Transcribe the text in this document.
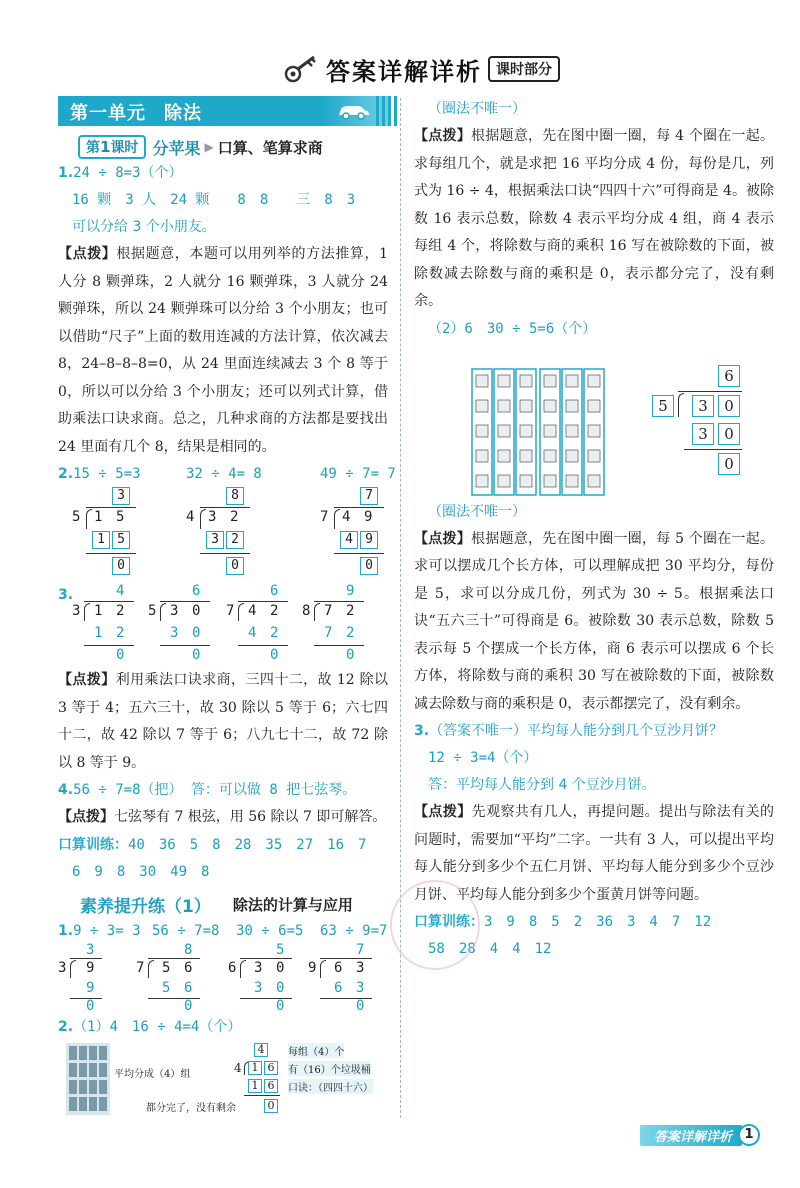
答案详解详析	课时部分
第一单元 除法
第1课时 分苹果 ▶ 口算、笔算求商
1.24 ÷ 8=3（个）
16 颗　3 人　24 颗　　8　8　　三　8　3
可以分给 3 个小朋友。
【点拨】根据题意，本题可以用列举的方法推算，1 人分 8 颗弹珠，2 人就分 16 颗弹珠，3 人就分 24 颗弹珠，所以 24 颗弹珠可以分给 3 个小朋友；也可以借助“尺子”上面的数用连减的方法计算，依次减去 8，24–8–8–8=0，从 24 里面连续减去 3 个 8 等于 0，所以可以分给 3 个小朋友；还可以列式计算，借助乘法口诀求商。总之，几种求商的方法都是要找出 24 里面有几个 8，结果是相同的。
2.15 ÷ 5=3	32 ÷ 4= 8	49 ÷ 7= 7
3
5 1 5
1 5
0
8
4 3 2
3 2
0
7
7 4 9
4 9
0
3.	4
3 1 2
1 2
0
6
5 3 0
3 0
0
6
7 4 2
4 2
0
9
8 7 2
7 2
0
【点拨】利用乘法口诀求商，三四十二，故 12 除以 3 等于 4；五六三十，故 30 除以 5 等于 6；六七四十二，故 42 除以 7 等于 6；八九七十二，故 72 除以 8 等于 9。
4.56 ÷ 7=8（把） 答：可以做 8 把七弦琴。
【点拨】七弦琴有 7 根弦，用 56 除以 7 即可解答。
口算训练：40　36　5　8　28　35　27　16　7
6　9　8　30　49　8
素养提升练（1） 除法的计算与应用
1.9 ÷ 3= 3 56 ÷ 7=8 30 ÷ 6=5 63 ÷ 9=7
3
3 9
9
0
8
7 5 6
5 6
0
5
6 3 0
3 0
0
7
9 6 3
6 3
0
2.（1）4　16 ÷ 4=4（个）
平均分成（4）组
4
4 1 6
1 6
0
每组（4）个
有（16）个垃圾桶
口诀：（四四十六）
都分完了，没有剩余
（圈法不唯一）
【点拨】根据题意，先在图中圈一圈，每 4 个圈在一起。求每组几个，就是求把 16 平均分成 4 份，每份是几，列式为 16 ÷ 4，根据乘法口诀“四四十六”可得商是 4。被除数 16 表示总数，除数 4 表示平均分成 4 组，商 4 表示每组 4 个，将除数与商的乘积 16 写在被除数的下面，被除数减去除数与商的乘积是 0，表示都分完了，没有剩余。
（2）6　30 ÷ 5=6（个）
6
5	3	0
3	0
0
（圈法不唯一）
【点拨】根据题意，先在图中圈一圈，每 5 个圈在一起。求可以摆成几个长方体，可以理解成把 30 平均分，每份是 5，求可以分成几份，列式为 30 ÷ 5。根据乘法口诀“五六三十”可得商是 6。被除数 30 表示总数，除数 5 表示每 5 个摆成一个长方体，商 6 表示可以摆成 6 个长方体，将除数与商的乘积 30 写在被除数的下面，被除数减去除数与商的乘积是 0，表示都摆完了，没有剩余。
3.（答案不唯一）平均每人能分到几个豆沙月饼？
12 ÷ 3=4（个）
答：平均每人能分到 4 个豆沙月饼。
【点拨】先观察共有几人，再提问题。提出与除法有关的问题时，需要加“平均”二字。一共有 3 人，可以提出平均每人能分到多少个五仁月饼、平均每人能分到多少个豆沙月饼、平均每人能分到多少个蛋黄月饼等问题。
口算训练：3　9　8　5　2　36　3　4　7　12
58　28　4　4　12
答案详解详析 1
